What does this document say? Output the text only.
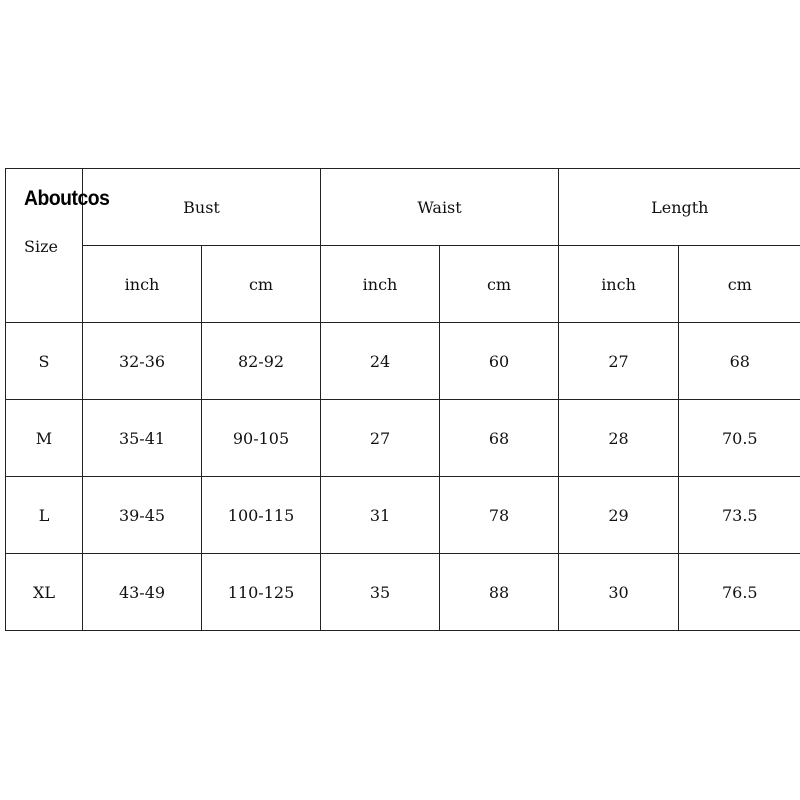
Aboutcos
Size	Bust		Waist		Length	
	inch	cm	inch	cm	inch	cm
S	32-36	82-92	24	60	27	68
M	35-41	90-105	27	68	28	70.5
L	39-45	100-115	31	78	29	73.5
XL	43-49	110-125	35	88	30	76.5
